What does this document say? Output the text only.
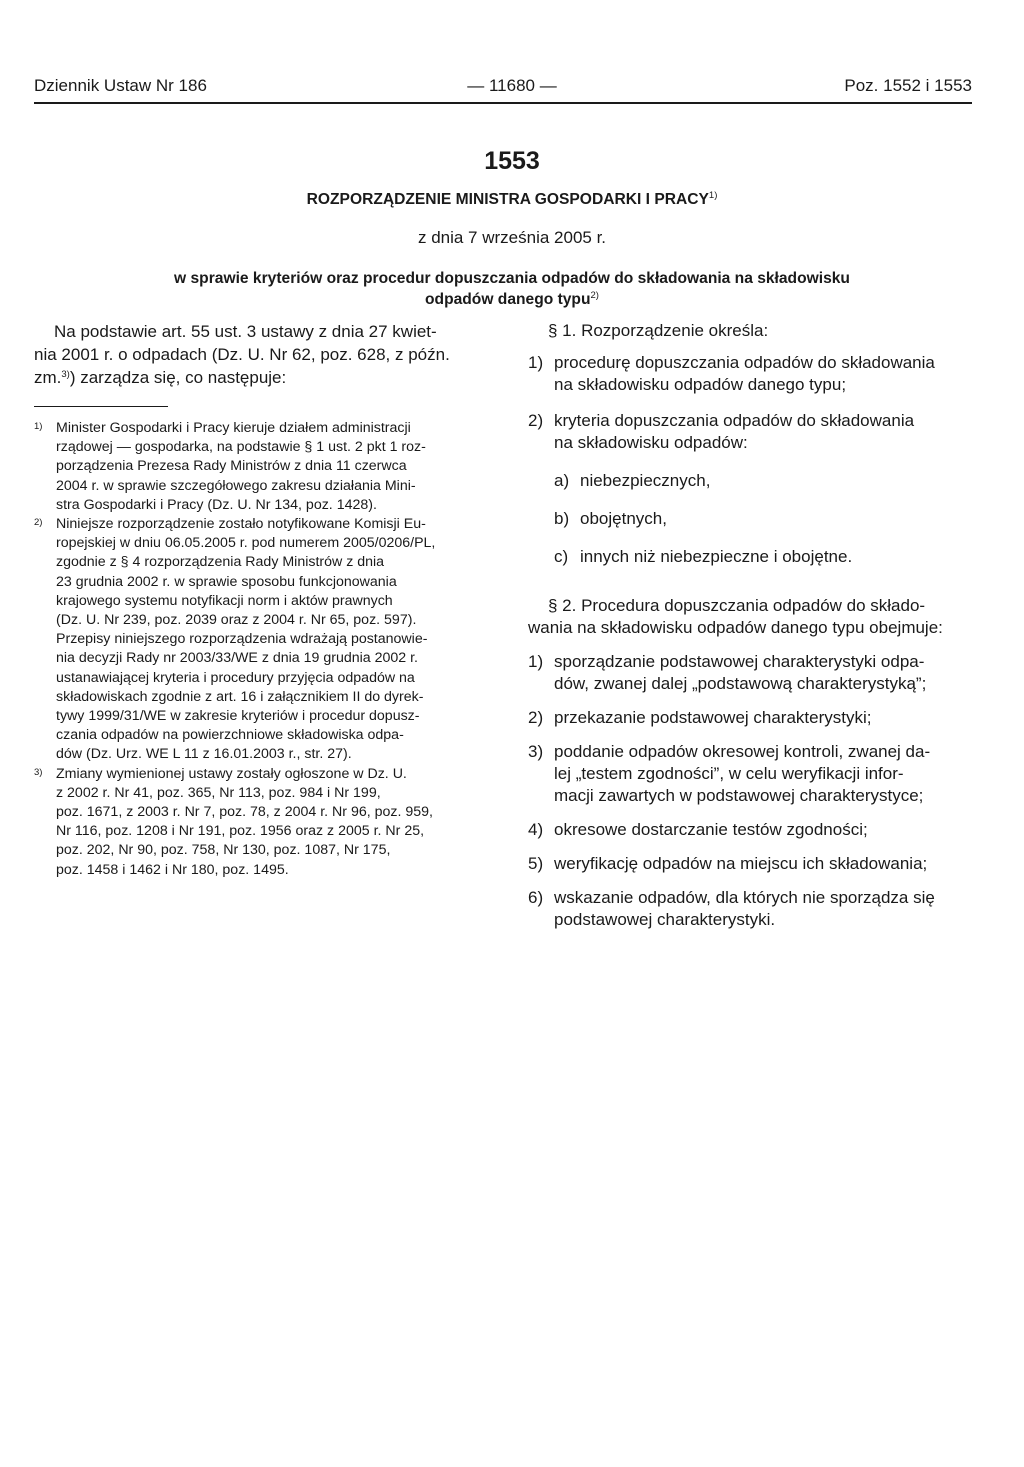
Dziennik Ustaw Nr 186	— 11680 —	Poz. 1552 i 1553
1553
ROZPORZĄDZENIE MINISTRA GOSPODARKI I PRACY$^{1)}$
z dnia 7 września 2005 r.
w sprawie kryteriów oraz procedur dopuszczania odpadów do składowania na składowisku
odpadów danego typu$^{2)}$
Na podstawie art. 55 ust. 3 ustawy z dnia 27 kwiet-
nia 2001 r. o odpadach (Dz. U. Nr 62, poz. 628, z późn.
zm.$^{3)}$) zarządza się, co następuje:
1) Minister Gospodarki i Pracy kieruje działem administracji
rządowej — gospodarka, na podstawie § 1 ust. 2 pkt 1 roz-
porządzenia Prezesa Rady Ministrów z dnia 11 czerwca
2004 r. w sprawie szczegółowego zakresu działania Mini-
stra Gospodarki i Pracy (Dz. U. Nr 134, poz. 1428).
2) Niniejsze rozporządzenie zostało notyfikowane Komisji Eu-
ropejskiej w dniu 06.05.2005 r. pod numerem 2005/0206/PL,
zgodnie z § 4 rozporządzenia Rady Ministrów z dnia
23 grudnia 2002 r. w sprawie sposobu funkcjonowania
krajowego systemu notyfikacji norm i aktów prawnych
(Dz. U. Nr 239, poz. 2039 oraz z 2004 r. Nr 65, poz. 597).
Przepisy niniejszego rozporządzenia wdrażają postanowie-
nia decyzji Rady nr 2003/33/WE z dnia 19 grudnia 2002 r.
ustanawiającej kryteria i procedury przyjęcia odpadów na
składowiskach zgodnie z art. 16 i załącznikiem II do dyrek-
tywy 1999/31/WE w zakresie kryteriów i procedur dopusz-
czania odpadów na powierzchniowe składowiska odpa-
dów (Dz. Urz. WE L 11 z 16.01.2003 r., str. 27).
3) Zmiany wymienionej ustawy zostały ogłoszone w Dz. U.
z 2002 r. Nr 41, poz. 365, Nr 113, poz. 984 i Nr 199,
poz. 1671, z 2003 r. Nr 7, poz. 78, z 2004 r. Nr 96, poz. 959,
Nr 116, poz. 1208 i Nr 191, poz. 1956 oraz z 2005 r. Nr 25,
poz. 202, Nr 90, poz. 758, Nr 130, poz. 1087, Nr 175,
poz. 1458 i 1462 i Nr 180, poz. 1495.
§ 1. Rozporządzenie określa:
1) procedurę dopuszczania odpadów do składowania
na składowisku odpadów danego typu;
2) kryteria dopuszczania odpadów do składowania
na składowisku odpadów:
a) niebezpiecznych,
b) obojętnych,
c) innych niż niebezpieczne i obojętne.
§ 2. Procedura dopuszczania odpadów do składo-
wania na składowisku odpadów danego typu obejmuje:
1) sporządzanie podstawowej charakterystyki odpa-
dów, zwanej dalej „podstawową charakterystyką”;
2) przekazanie podstawowej charakterystyki;
3) poddanie odpadów okresowej kontroli, zwanej da-
lej „testem zgodności”, w celu weryfikacji infor-
macji zawartych w podstawowej charakterystyce;
4) okresowe dostarczanie testów zgodności;
5) weryfikację odpadów na miejscu ich składowania;
6) wskazanie odpadów, dla których nie sporządza się
podstawowej charakterystyki.
